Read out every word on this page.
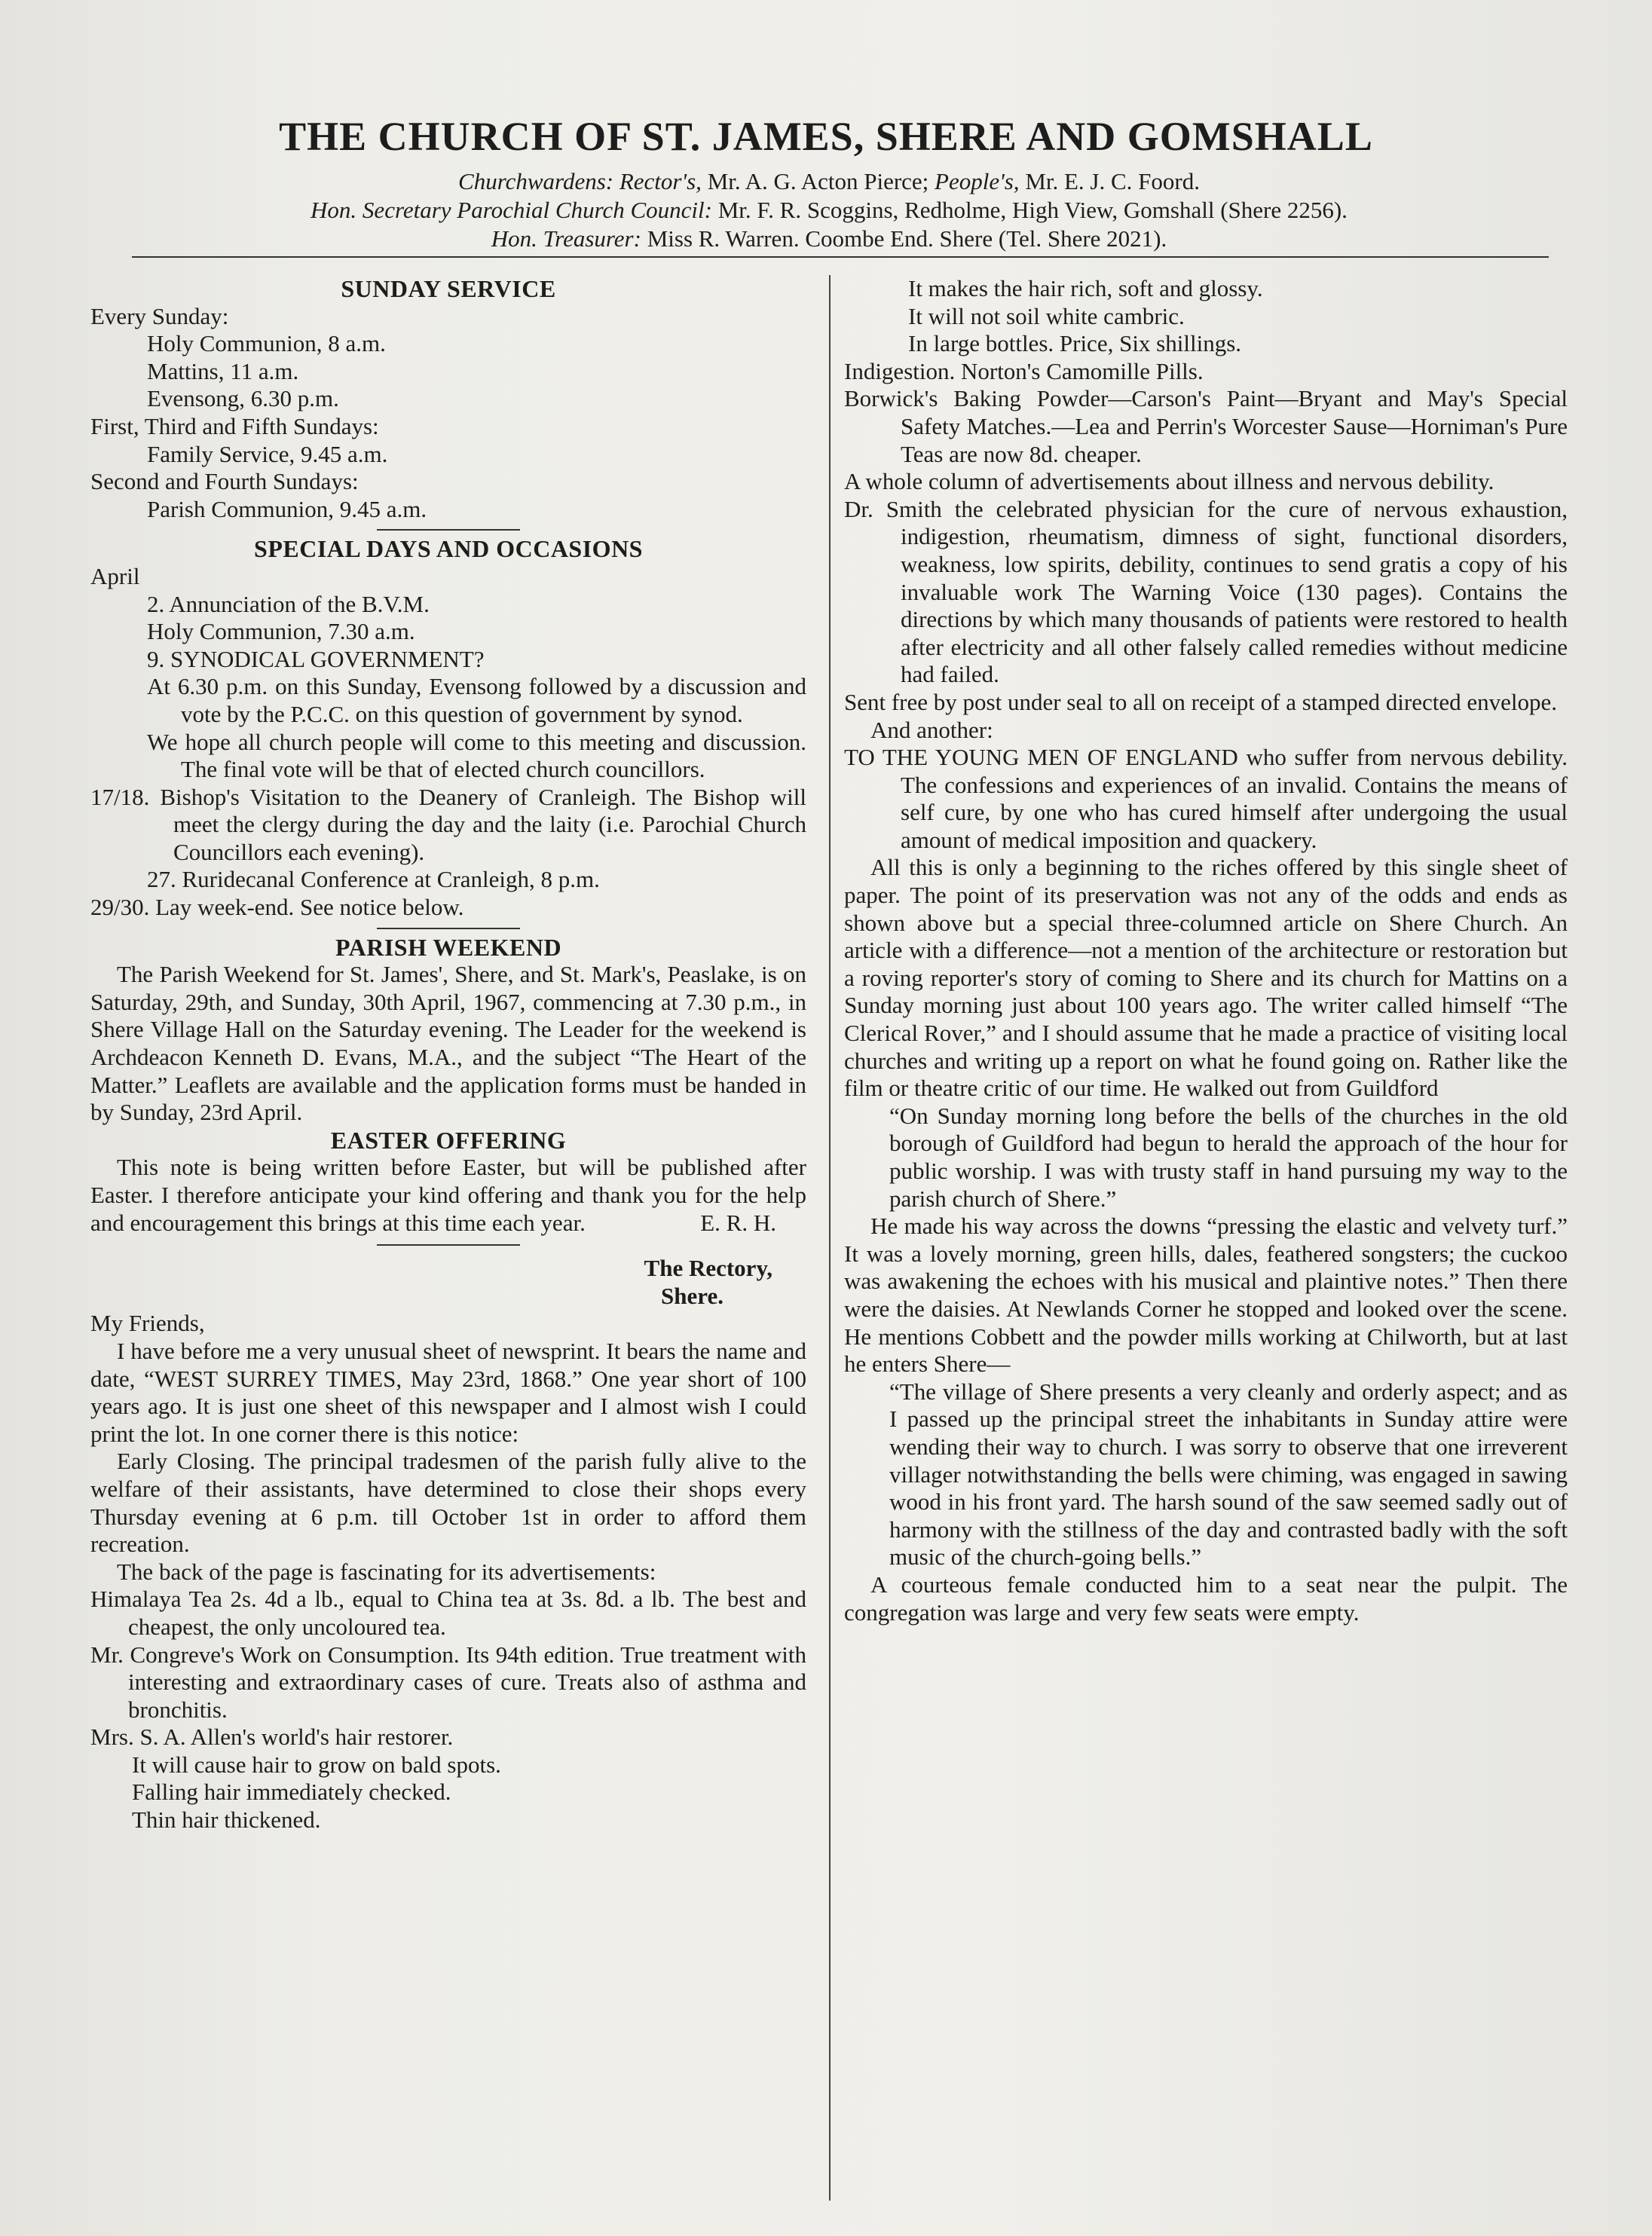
THE CHURCH OF ST. JAMES, SHERE AND GOMSHALL
Churchwardens: Rector's, Mr. A. G. Acton Pierce; People's, Mr. E. J. C. Foord.
Hon. Secretary Parochial Church Council: Mr. F. R. Scoggins, Redholme, High View, Gomshall (Shere 2256).
Hon. Treasurer: Miss R. Warren. Coombe End. Shere (Tel. Shere 2021).

SUNDAY SERVICE

Every Sunday:

Holy Communion, 8 a.m.

Mattins, 11 a.m.

Evensong, 6.30 p.m.

First, Third and Fifth Sundays:

Family Service, 9.45 a.m.

Second and Fourth Sundays:

Parish Communion, 9.45 a.m.

SPECIAL DAYS AND OCCASIONS

April

2. Annunciation of the B.V.M.

Holy Communion, 7.30 a.m.

9. SYNODICAL GOVERNMENT?

At 6.30 p.m. on this Sunday, Evensong followed by a discussion and vote by the P.C.C. on this question of government by synod.

We hope all church people will come to this meeting and discussion. The final vote will be that of elected church councillors.

17/18. Bishop's Visitation to the Deanery of Cranleigh. The Bishop will meet the clergy during the day and the laity (i.e. Parochial Church Councillors each evening).

27. Ruridecanal Conference at Cranleigh, 8 p.m.

29/30. Lay week-end. See notice below.

PARISH WEEKEND

The Parish Weekend for St. James', Shere, and St. Mark's, Peaslake, is on Saturday, 29th, and Sunday, 30th April, 1967, commencing at 7.30 p.m., in Shere Village Hall on the Saturday evening. The Leader for the weekend is Archdeacon Kenneth D. Evans, M.A., and the subject “The Heart of the Matter.” Leaflets are available and the application forms must be handed in by Sunday, 23rd April.

EASTER OFFERING

This note is being written before Easter, but will be published after Easter. I therefore anticipate your kind offering and thank you for the help and encouragement this brings at this time each year.	E. R. H.

The Rectory,

Shere.

My Friends,

I have before me a very unusual sheet of newsprint. It bears the name and date, “WEST SURREY TIMES, May 23rd, 1868.” One year short of 100 years ago. It is just one sheet of this newspaper and I almost wish I could print the lot. In one corner there is this notice:

Early Closing. The principal tradesmen of the parish fully alive to the welfare of their assistants, have determined to close their shops every Thursday evening at 6 p.m. till October 1st in order to afford them recreation.

The back of the page is fascinating for its advertisements:

Himalaya Tea 2s. 4d a lb., equal to China tea at 3s. 8d. a lb. The best and cheapest, the only uncoloured tea.

Mr. Congreve's Work on Consumption. Its 94th edition. True treatment with interesting and extraordinary cases of cure. Treats also of asthma and bronchitis.

Mrs. S. A. Allen's world's hair restorer.

It will cause hair to grow on bald spots.

Falling hair immediately checked.

Thin hair thickened.

It makes the hair rich, soft and glossy.

It will not soil white cambric.

In large bottles. Price, Six shillings.

Indigestion. Norton's Camomille Pills.

Borwick's Baking Powder—Carson's Paint—Bryant and May's Special Safety Matches.—Lea and Perrin's Worcester Sause—Horniman's Pure Teas are now 8d. cheaper.

A whole column of advertisements about illness and nervous debility.

Dr. Smith the celebrated physician for the cure of nervous exhaustion, indigestion, rheumatism, dimness of sight, functional disorders, weakness, low spirits, debility, continues to send gratis a copy of his invaluable work The Warning Voice (130 pages). Contains the directions by which many thousands of patients were restored to health after electricity and all other falsely called remedies without medicine had failed.

Sent free by post under seal to all on receipt of a stamped directed envelope.

And another:

TO THE YOUNG MEN OF ENGLAND who suffer from nervous debility. The confessions and experiences of an invalid. Contains the means of self cure, by one who has cured himself after undergoing the usual amount of medical imposition and quackery.

All this is only a beginning to the riches offered by this single sheet of paper. The point of its preservation was not any of the odds and ends as shown above but a special three-columned article on Shere Church. An article with a difference—not a mention of the architecture or restoration but a roving reporter's story of coming to Shere and its church for Mattins on a Sunday morning just about 100 years ago. The writer called himself “The Clerical Rover,” and I should assume that he made a practice of visiting local churches and writing up a report on what he found going on. Rather like the film or theatre critic of our time. He walked out from Guildford

“On Sunday morning long before the bells of the churches in the old borough of Guildford had begun to herald the approach of the hour for public worship. I was with trusty staff in hand pursuing my way to the parish church of Shere.”

He made his way across the downs “pressing the elastic and velvety turf.” It was a lovely morning, green hills, dales, feathered songsters; the cuckoo was awakening the echoes with his musical and plaintive notes.” Then there were the daisies. At Newlands Corner he stopped and looked over the scene. He mentions Cobbett and the powder mills working at Chilworth, but at last he enters Shere—

“The village of Shere presents a very cleanly and orderly aspect; and as I passed up the principal street the inhabitants in Sunday attire were wending their way to church. I was sorry to observe that one irreverent villager notwithstanding the bells were chiming, was engaged in sawing wood in his front yard. The harsh sound of the saw seemed sadly out of harmony with the stillness of the day and contrasted badly with the soft music of the church-going bells.”

A courteous female conducted him to a seat near the pulpit. The congregation was large and very few seats were empty.
